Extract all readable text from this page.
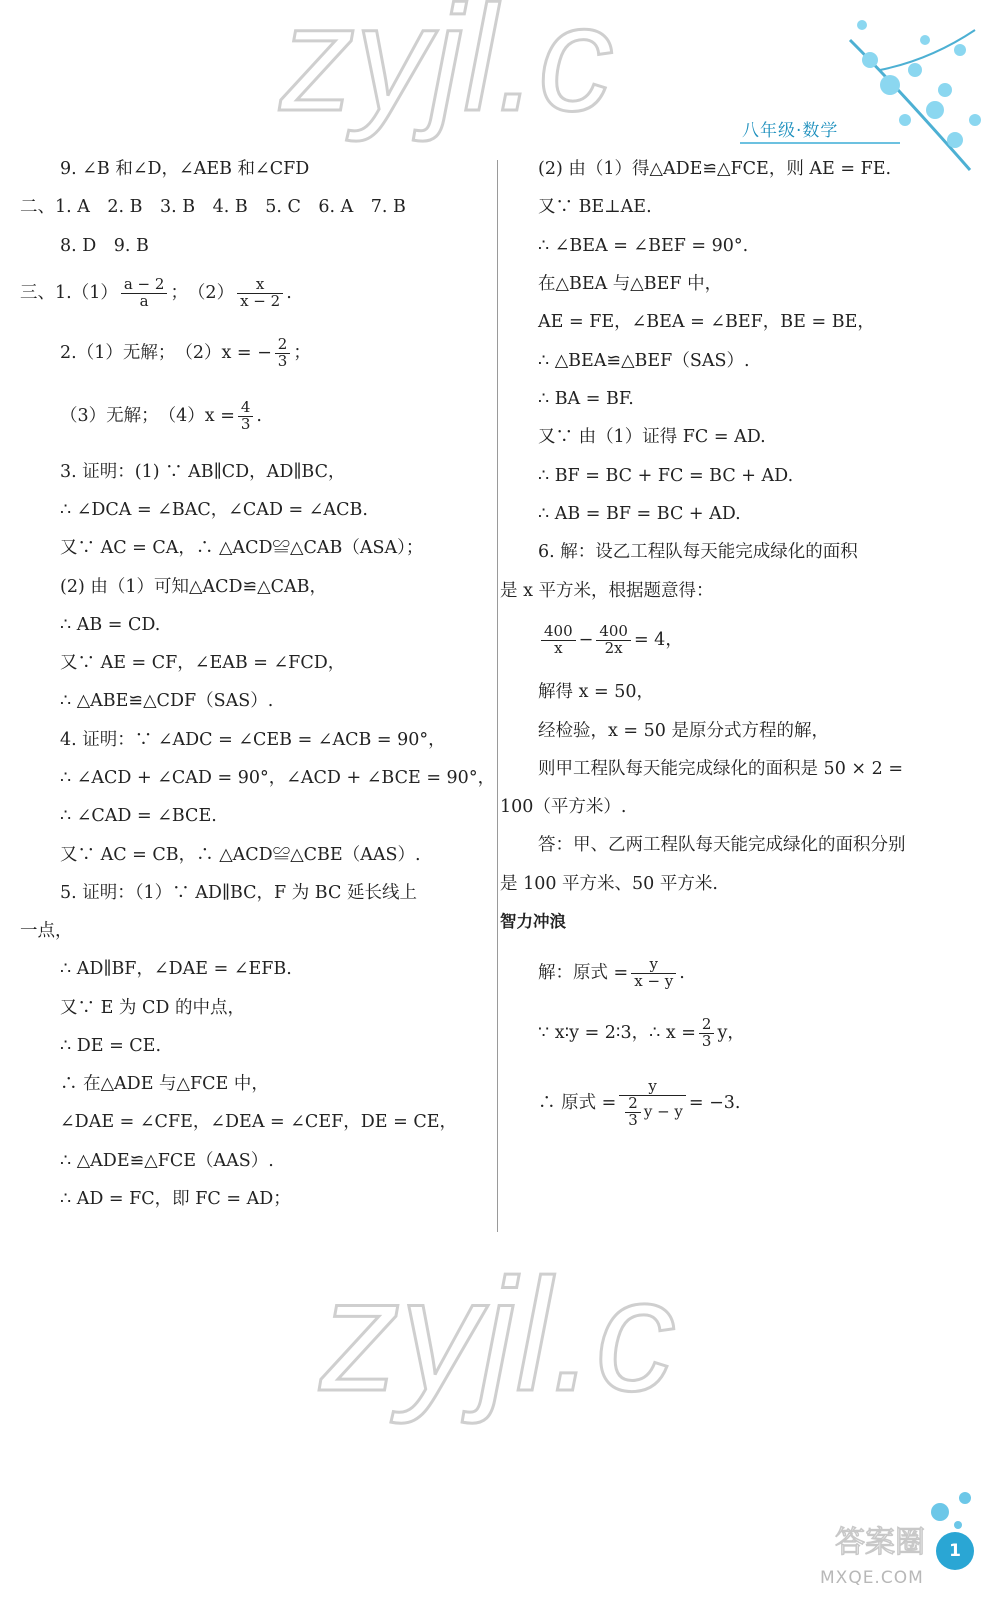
zyjl.c
zyjl.c
答案圈
八年级·数学
9. ∠B 和∠D，∠AEB 和∠CFD
二、1. A　2. B　3. B　4. B　5. C　6. A　7. B
8. D　9. B
三、$1.(1) \frac{a - 2}{a}$ ；　$(2) \frac{x}{x - 2}$ .
2.（1）无解；　（2）x = − $\frac{2}{3}$ ；
（3）无解；　$(4)x = \frac{4}{3}$ .
3. 证明：(1) ∵ AB∥CD，AD∥BC，
∴ ∠DCA = ∠BAC，∠CAD = ∠ACB.
又∵ AC = CA，∴ △ACD≌△CAB（ASA）；
(2) 由（1）可知△ACD≌△CAB，
∴ AB = CD.
又∵ AE = CF，∠EAB = ∠FCD，
∴ △ABE≌△CDF（SAS）.
4. 证明：∵ ∠ADC = ∠CEB = ∠ACB = 90°，
∴ ∠ACD + ∠CAD = 90°，∠ACD + ∠BCE = 90°，
∴ ∠CAD = ∠BCE.
又∵ AC = CB，∴ △ACD≌△CBE（AAS）.
5. 证明：（1）∵ AD∥BC，F 为 BC 延长线上
一点，
∴ AD∥BF，∠DAE = ∠EFB.
又∵ E 为 CD 的中点，
∴ DE = CE.
∴ 在△ADE 与△FCE 中，
∠DAE = ∠CFE，∠DEA = ∠CEF，DE = CE，
∴ △ADE≌△FCE（AAS）.
∴ AD = FC，即 FC = AD；
(2) 由（1）得△ADE≌△FCE，则 AE = FE.
又∵ BE⊥AE.
∴ ∠BEA = ∠BEF = 90°.
在△BEA 与△BEF 中，
AE = FE，∠BEA = ∠BEF，BE = BE，
∴ △BEA≌△BEF（SAS）.
∴ BA = BF.
又∵ 由（1）证得 FC = AD.
∴ BF = BC + FC = BC + AD.
∴ AB = BF = BC + AD.
6. 解：设乙工程队每天能完成绿化的面积
是 x 平方米，根据题意得：
$\frac{400}{x} - \frac{400}{2x} = 4$，
解得 x = 50，
经检验，x = 50 是原分式方程的解，
则甲工程队每天能完成绿化的面积是 50 × 2 =
100（平方米）.
答：甲、乙两工程队每天能完成绿化的面积分别
是 100 平方米、50 平方米.
智力冲浪
解：原式 = $\frac{y}{x - y}$ .
∵ x∶y = 2∶3，∴ $x = \frac{2}{3}$ y，
∴ 原式 = $\frac{y}{\frac{2}{3} y - y} = -3$.
1
MXQE.COM
